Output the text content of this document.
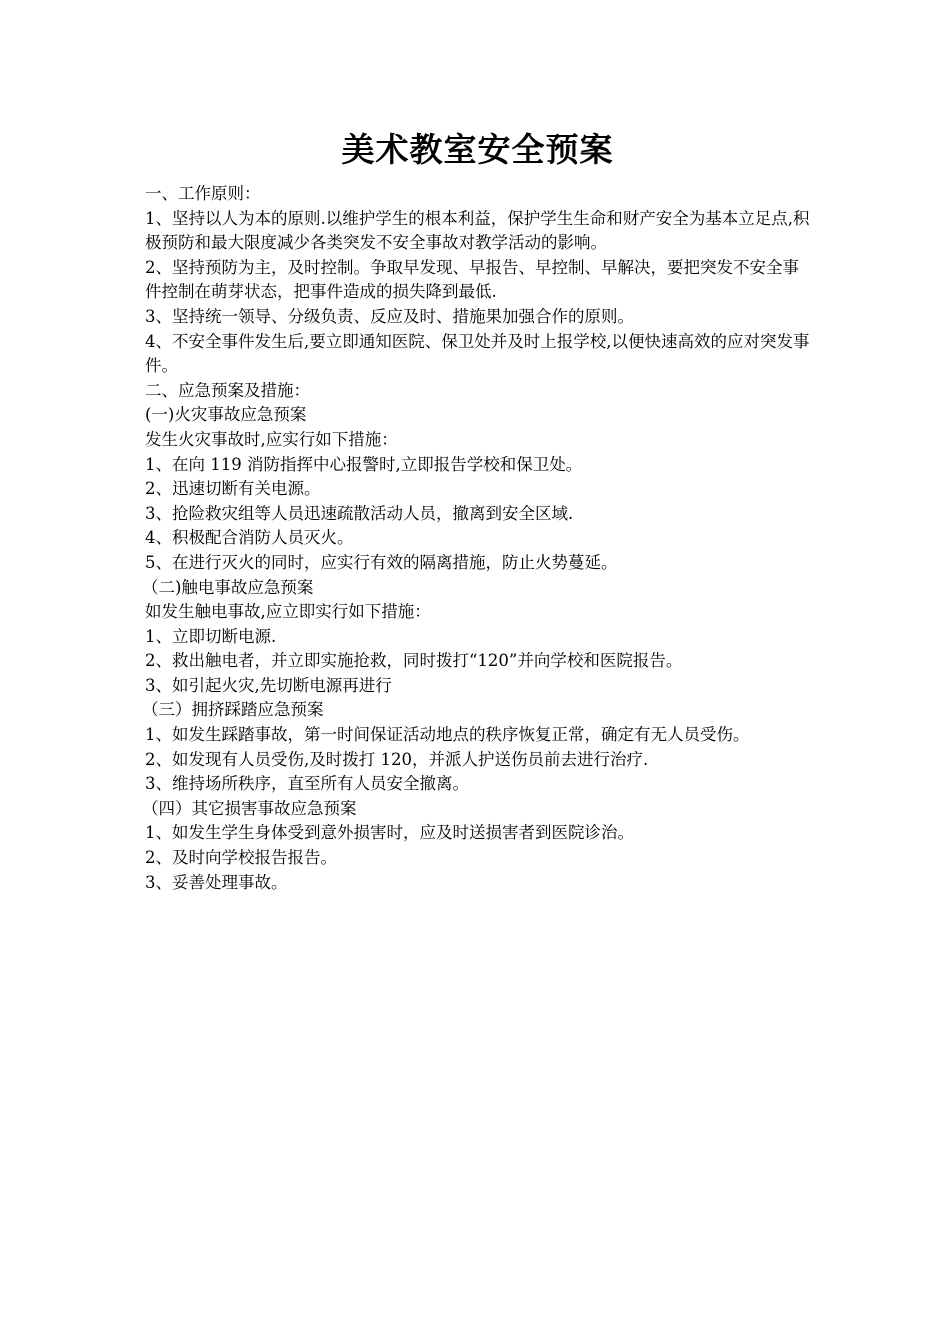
美术教室安全预案

一、工作原则：

1、坚持以人为本的原则.以维护学生的根本利益，保护学生生命和财产安全为基本立足点,积极预防和最大限度减少各类突发不安全事故对教学活动的影响。

2、坚持预防为主，及时控制。争取早发现、早报告、早控制、早解决，要把突发不安全事件控制在萌芽状态，把事件造成的损失降到最低.

3、坚持统一领导、分级负责、反应及时、措施果加强合作的原则。

4、不安全事件发生后,要立即通知医院、保卫处并及时上报学校,以便快速高效的应对突发事件。

二、应急预案及措施：

(一)火灾事故应急预案

发生火灾事故时,应实行如下措施：

1、在向 119 消防指挥中心报警时,立即报告学校和保卫处。

2、迅速切断有关电源。

3、抢险救灾组等人员迅速疏散活动人员，撤离到安全区域.

4、积极配合消防人员灭火。

5、在进行灭火的同时，应实行有效的隔离措施，防止火势蔓延。

（二)触电事故应急预案

如发生触电事故,应立即实行如下措施：

1、立即切断电源.

2、救出触电者，并立即实施抢救，同时拨打“120”并向学校和医院报告。

3、如引起火灾,先切断电源再进行

（三）拥挤踩踏应急预案

1、如发生踩踏事故，第一时间保证活动地点的秩序恢复正常，确定有无人员受伤。

2、如发现有人员受伤,及时拨打 120，并派人护送伤员前去进行治疗.

3、维持场所秩序，直至所有人员安全撤离。

（四）其它损害事故应急预案

1、如发生学生身体受到意外损害时，应及时送损害者到医院诊治。

2、及时向学校报告报告。

3、妥善处理事故。
